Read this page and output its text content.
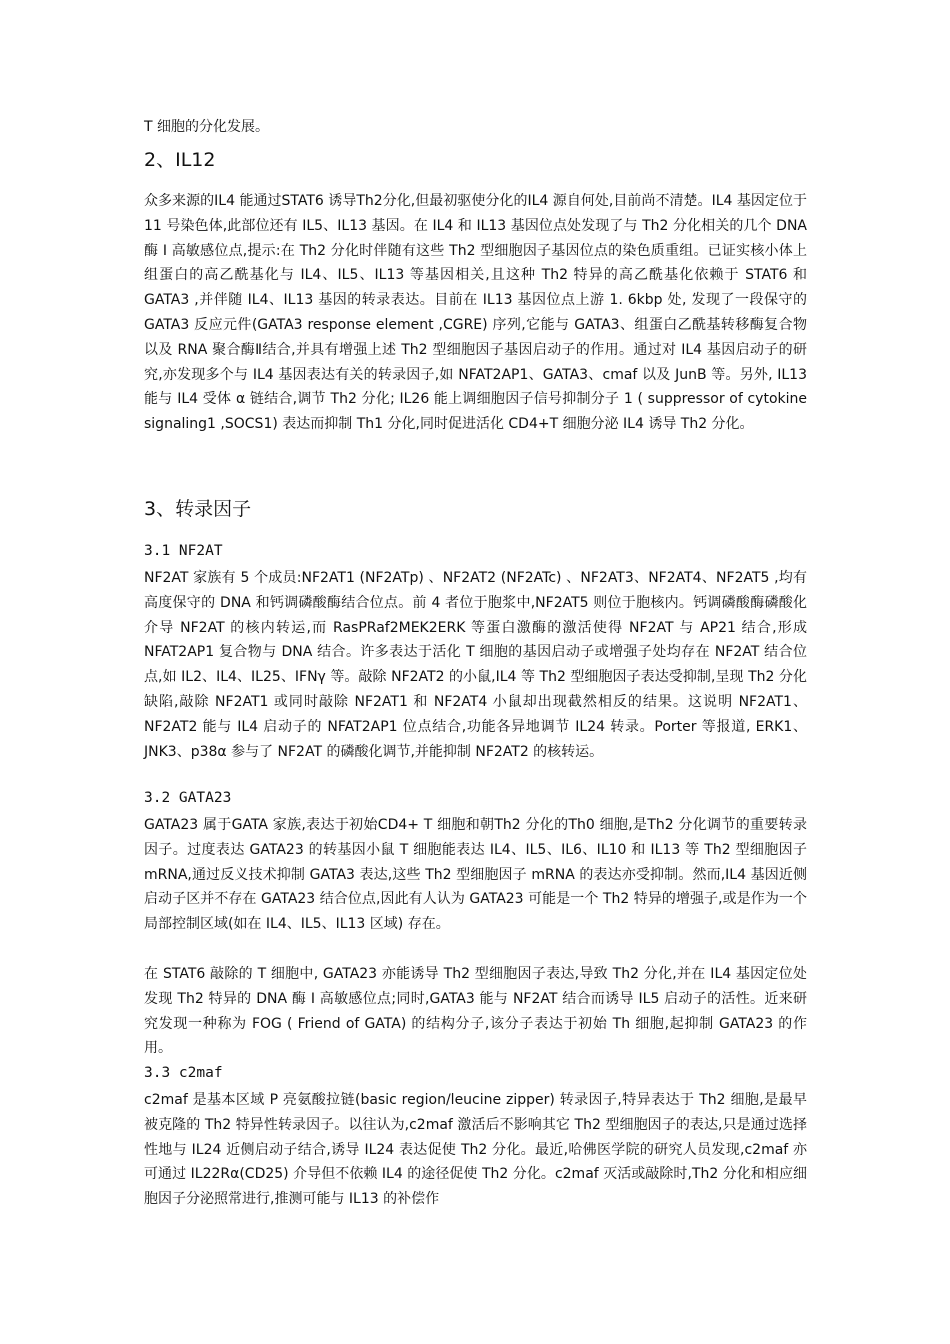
T 细胞的分化发展。

2、IL12

众多来源的IL4 能通过STAT6 诱导Th2分化,但最初驱使分化的IL4 源自何处,目前尚不清楚。IL4 基因定位于 11 号染色体,此部位还有 IL5、IL13 基因。在 IL4 和 IL13 基因位点处发现了与 Th2 分化相关的几个 DNA 酶 I 高敏感位点,提示:在 Th2 分化时伴随有这些 Th2 型细胞因子基因位点的染色质重组。已证实核小体上组蛋白的高乙酰基化与 IL4、IL5、IL13 等基因相关,且这种 Th2 特异的高乙酰基化依赖于 STAT6 和 GATA3 ,并伴随 IL4、IL13 基因的转录表达。目前在 IL13 基因位点上游 1. 6kbp 处, 发现了一段保守的 GATA3 反应元件(GATA3 response element ,CGRE) 序列,它能与 GATA3、组蛋白乙酰基转移酶复合物以及 RNA 聚合酶Ⅱ结合,并具有增强上述 Th2 型细胞因子基因启动子的作用。通过对 IL4 基因启动子的研究,亦发现多个与 IL4 基因表达有关的转录因子,如 NFAT2AP1、GATA3、cmaf 以及 JunB 等。另外, IL13 能与 IL4 受体 α 链结合,调节 Th2 分化; IL26 能上调细胞因子信号抑制分子 1 ( suppressor of cytokine signaling1 ,SOCS1) 表达而抑制 Th1 分化,同时促进活化 CD4+T 细胞分泌 IL4 诱导 Th2 分化。

3、转录因子
3.1 NF2AT

NF2AT 家族有 5 个成员:NF2AT1 (NF2ATp) 、NF2AT2 (NF2ATc) 、NF2AT3、NF2AT4、NF2AT5 ,均有高度保守的 DNA 和钙调磷酸酶结合位点。前 4 者位于胞浆中,NF2AT5 则位于胞核内。钙调磷酸酶磷酸化介导 NF2AT 的核内转运,而 RasPRaf2MEK2ERK 等蛋白激酶的激活使得 NF2AT 与 AP21 结合,形成 NFAT2AP1 复合物与 DNA 结合。许多表达于活化 T 细胞的基因启动子或增强子处均存在 NF2AT 结合位点,如 IL2、IL4、IL25、IFNγ 等。敲除 NF2AT2 的小鼠,IL4 等 Th2 型细胞因子表达受抑制,呈现 Th2 分化缺陷,敲除 NF2AT1 或同时敲除 NF2AT1 和 NF2AT4 小鼠却出现截然相反的结果。这说明 NF2AT1、NF2AT2 能与 IL4 启动子的 NFAT2AP1 位点结合,功能各异地调节 IL24 转录。Porter 等报道, ERK1、JNK3、p38α 参与了 NF2AT 的磷酸化调节,并能抑制 NF2AT2 的核转运。

3.2 GATA23

GATA23 属于GATA 家族,表达于初始CD4+ T 细胞和朝Th2 分化的Th0 细胞,是Th2 分化调节的重要转录因子。过度表达 GATA23 的转基因小鼠 T 细胞能表达 IL4、IL5、IL6、IL10 和 IL13 等 Th2 型细胞因子 mRNA,通过反义技术抑制 GATA3 表达,这些 Th2 型细胞因子 mRNA 的表达亦受抑制。然而,IL4 基因近侧启动子区并不存在 GATA23 结合位点,因此有人认为 GATA23 可能是一个 Th2 特异的增强子,或是作为一个局部控制区域(如在 IL4、IL5、IL13 区域) 存在。

在 STAT6 敲除的 T 细胞中, GATA23 亦能诱导 Th2 型细胞因子表达,导致 Th2 分化,并在 IL4 基因定位处发现 Th2 特异的 DNA 酶 I 高敏感位点;同时,GATA3 能与 NF2AT 结合而诱导 IL5 启动子的活性。近来研究发现一种称为 FOG ( Friend of GATA) 的结构分子,该分子表达于初始 Th 细胞,起抑制 GATA23 的作用。

3.3 c2maf

c2maf 是基本区域 P 亮氨酸拉链(basic region/leucine zipper) 转录因子,特异表达于 Th2 细胞,是最早被克隆的 Th2 特异性转录因子。以往认为,c2maf 激活后不影响其它 Th2 型细胞因子的表达,只是通过选择性地与 IL24 近侧启动子结合,诱导 IL24 表达促使 Th2 分化。最近,哈佛医学院的研究人员发现,c2maf 亦可通过 IL22Rα(CD25) 介导但不依赖 IL4 的途径促使 Th2 分化。c2maf 灭活或敲除时,Th2 分化和相应细胞因子分泌照常进行,推测可能与 IL13 的补偿作
